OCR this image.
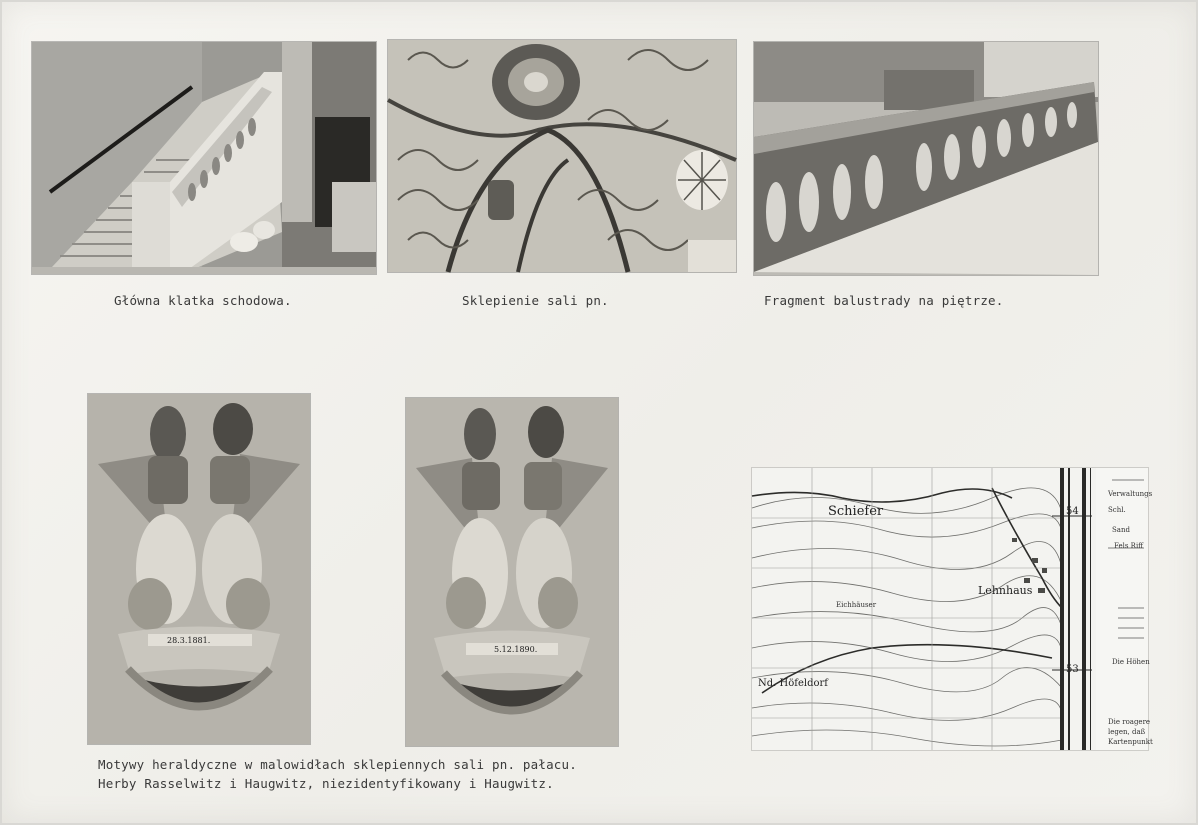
Główna klatka schodowa.	Sklepienie sali pn.	Fragment balustrady na piętrze.
28.3.1881.
5.12.1890.
Motywy heraldyczne w malowidłach sklepiennych sali pn. pałacu.
Herby Rasselwitz i Haugwitz, niezidentyfikowany i Haugwitz.
Schiefer
Lehnhaus
Nd. Höfeldorf
Eichhäuser
54
53
Verwaltungs
Schl.
Sand
Fels Riff
Die Höhen
Die roagere
legen, daß
Kartenpunkt
